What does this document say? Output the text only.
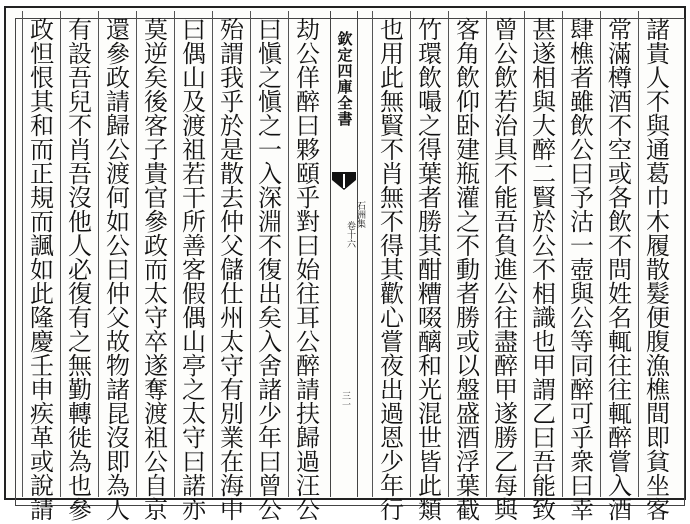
諸
貴
人
不
與
通
葛
巾
木
履
散
髮
便
腹
漁
樵
間
即
貧
坐
客
常
滿
樽
酒
不
空
或
各
飲
不
問
姓
名
輒
往
往
輒
醉
嘗
入
酒
肆
樵
者
雖
飲
公
曰
予
沽
一
壺
與
公
等
同
醉
可
乎
衆
曰
幸
甚
遂
相
與
大
醉
二
賢
於
公
不
相
識
也
甲
謂
乙
曰
吾
能
致
曾
公
飲
若
治
具
不
能
吾
負
進
公
往
盡
醉
甲
遂
勝
乙
每
與
客
角
飲
仰
卧
建
瓶
灌
之
不
動
者
勝
或
以
盤
盛
酒
浮
葉
截
竹
環
飲
嘬
之
得
葉
者
勝
其
酣
糟
啜
醨
和
光
混
世
皆
此
類
也
用
此
無
賢
不
肖
無
不
得
其
歡
心
嘗
夜
出
過
恩
少
年
行
劫
公
佯
醉
曰
夥
頤
乎
對
曰
始
往
耳
公
醉
請
扶
歸
過
汪
公
曰
愼
之
愼
之
一
入
深
淵
不
復
出
矣
入
舍
諸
少
年
曰
曾
公
殆
謂
我
乎
於
是
散
去
仲
父
儲
仕
州
太
守
有
別
業
在
海
中
曰
偶
山
及
渡
祖
若
干
所
善
客
假
偶
山
亭
之
太
守
曰
諾
亦
莫
逆
矣
後
客
子
貴
官
參
政
而
太
守
卒
遂
奪
渡
祖
公
自
京
還
參
政
請
歸
公
渡
何
如
公
曰
仲
父
故
物
諸
昆
沒
即
為
人
有
設
吾
兒
不
肖
吾
沒
他
人
必
復
有
之
無
勤
轉
徙
為
也
參
政
怛
恨
其
和
而
正
規
而
諷
如
此
隆
慶
壬
申
疾
革
或
說
請
欽定四庫全書
石洲集
卷十六
三一
